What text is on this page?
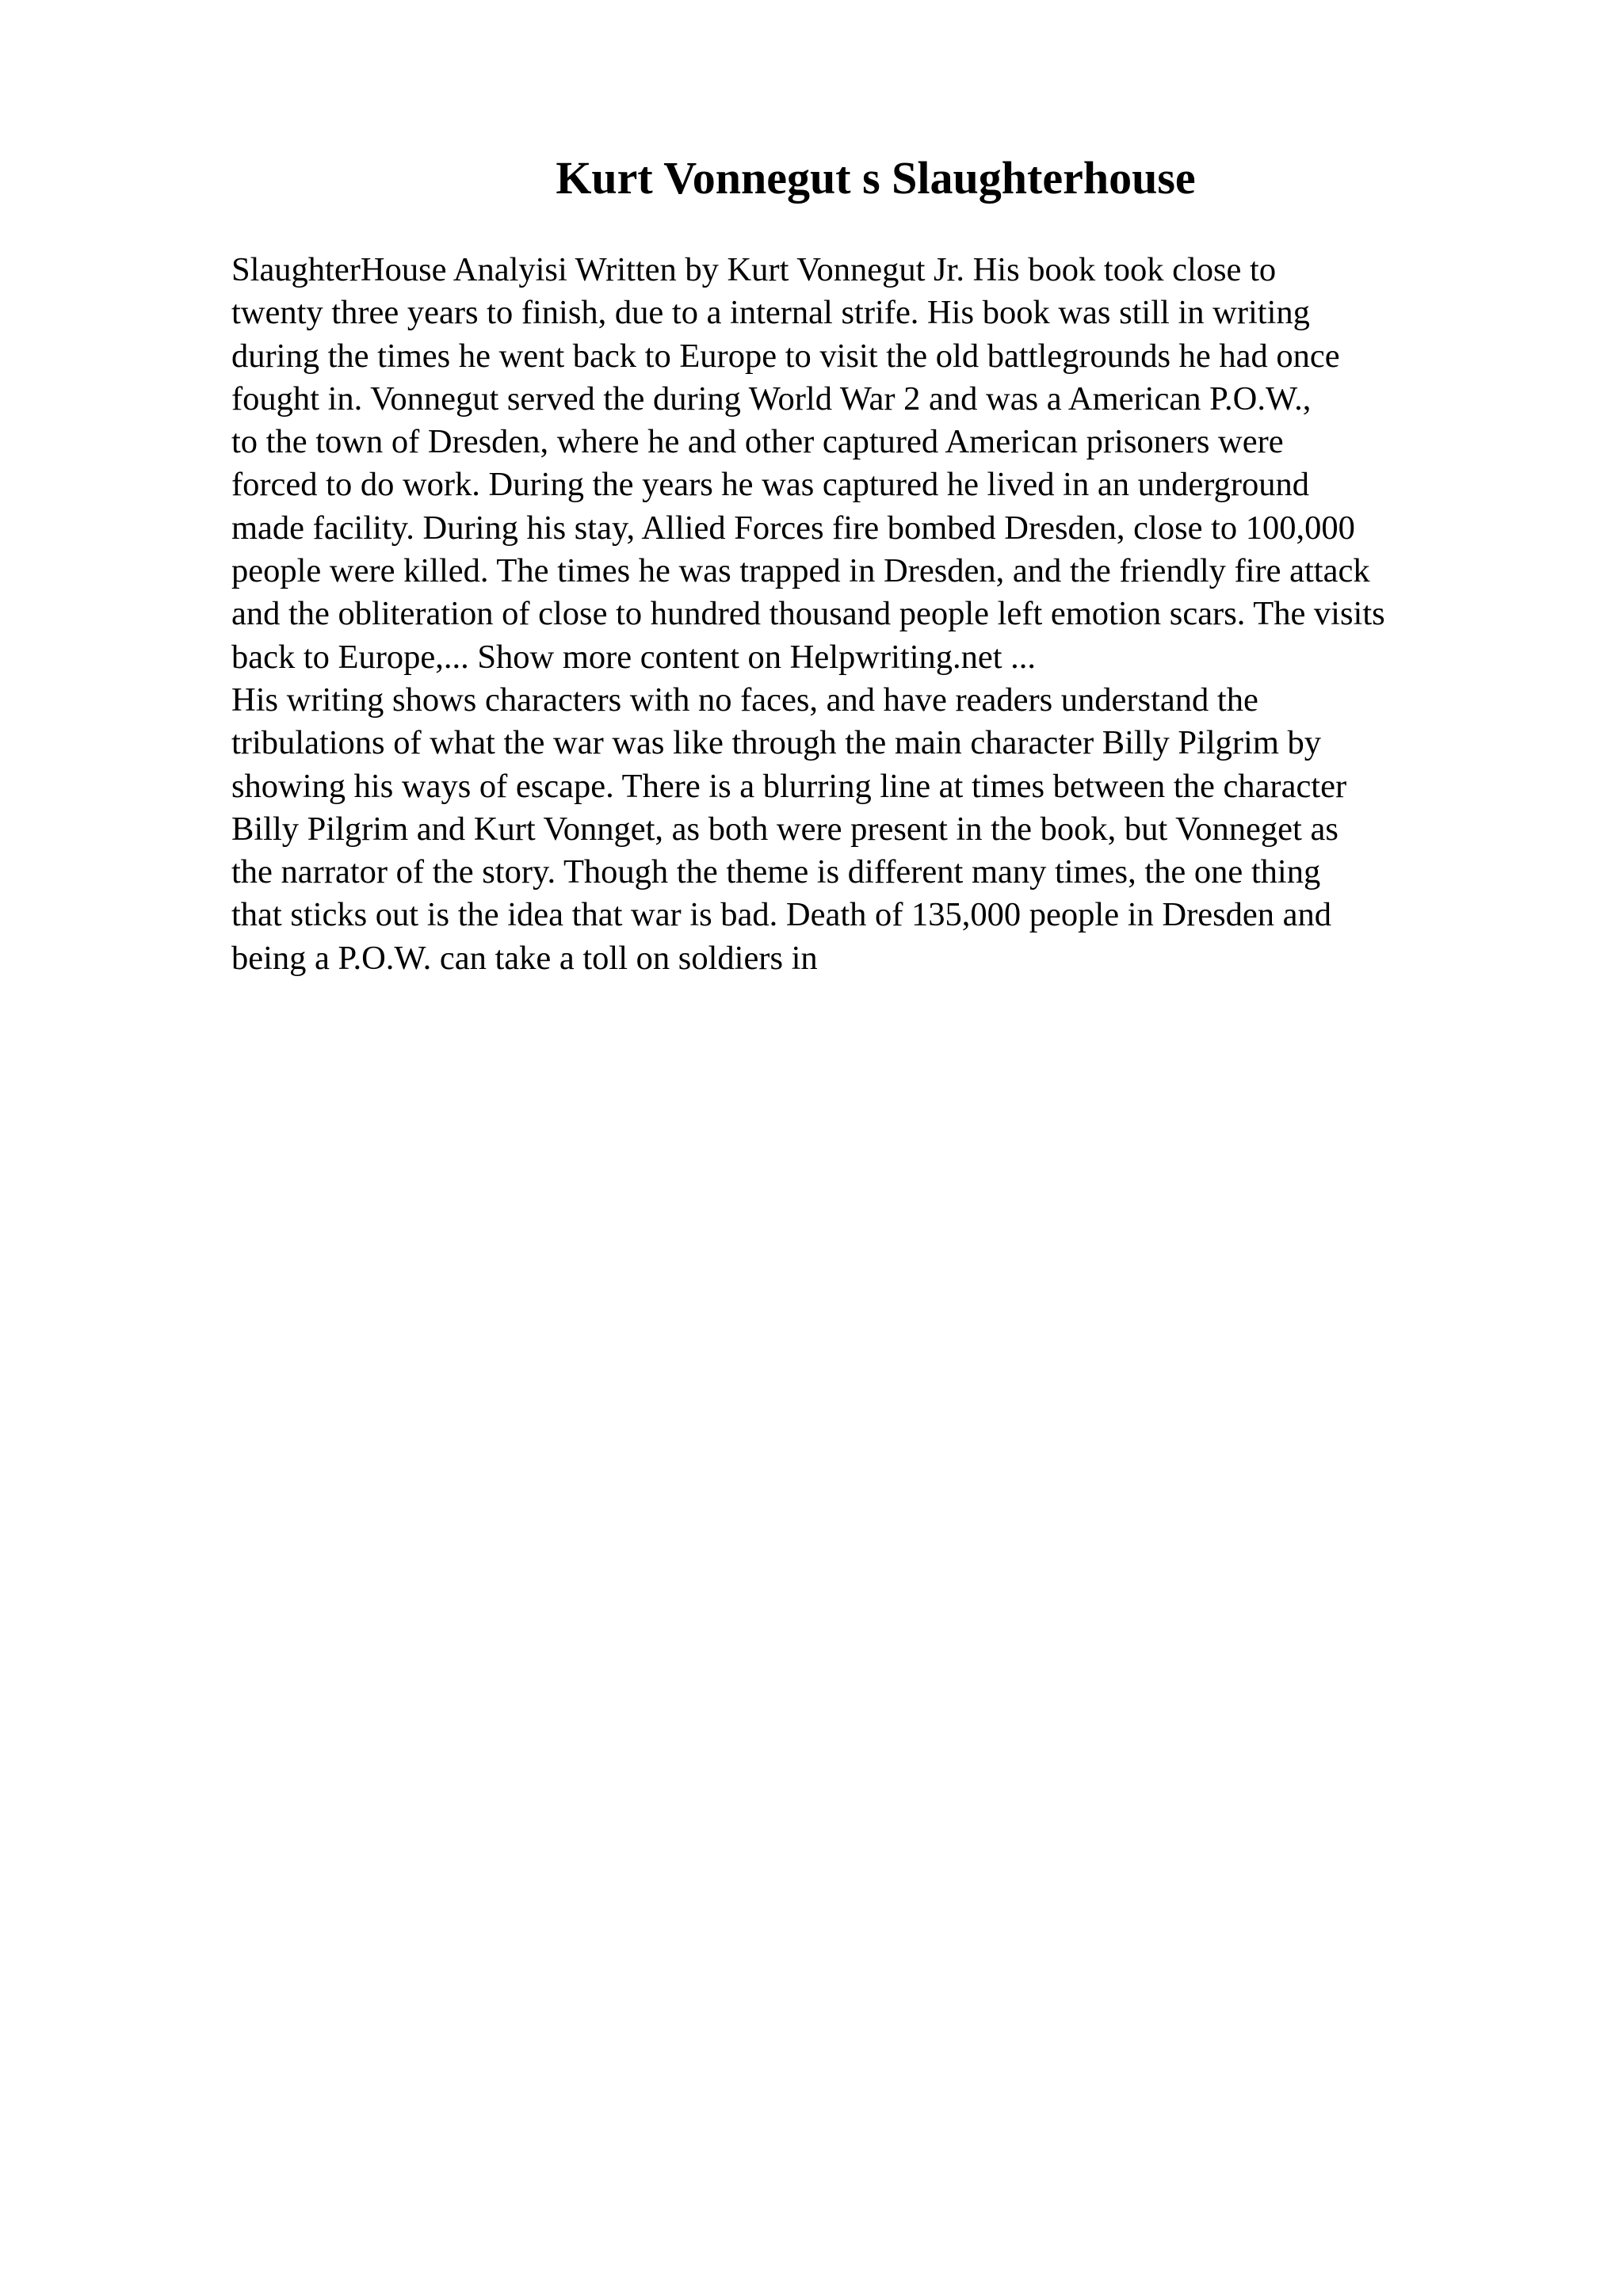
Kurt Vonnegut s Slaughterhouse
SlaughterHouse Analyisi Written by Kurt Vonnegut Jr. His book took close to
twenty three years to finish, due to a internal strife. His book was still in writing
during the times he went back to Europe to visit the old battlegrounds he had once
fought in. Vonnegut served the during World War 2 and was a American P.O.W.,
to the town of Dresden, where he and other captured American prisoners were
forced to do work. During the years he was captured he lived in an underground
made facility. During his stay, Allied Forces fire bombed Dresden, close to 100,000
people were killed. The times he was trapped in Dresden, and the friendly fire attack
and the obliteration of close to hundred thousand people left emotion scars. The visits
back to Europe,... Show more content on Helpwriting.net ...
His writing shows characters with no faces, and have readers understand the
tribulations of what the war was like through the main character Billy Pilgrim by
showing his ways of escape. There is a blurring line at times between the character
Billy Pilgrim and Kurt Vonnget, as both were present in the book, but Vonneget as
the narrator of the story. Though the theme is different many times, the one thing
that sticks out is the idea that war is bad. Death of 135,000 people in Dresden and
being a P.O.W. can take a toll on soldiers in
